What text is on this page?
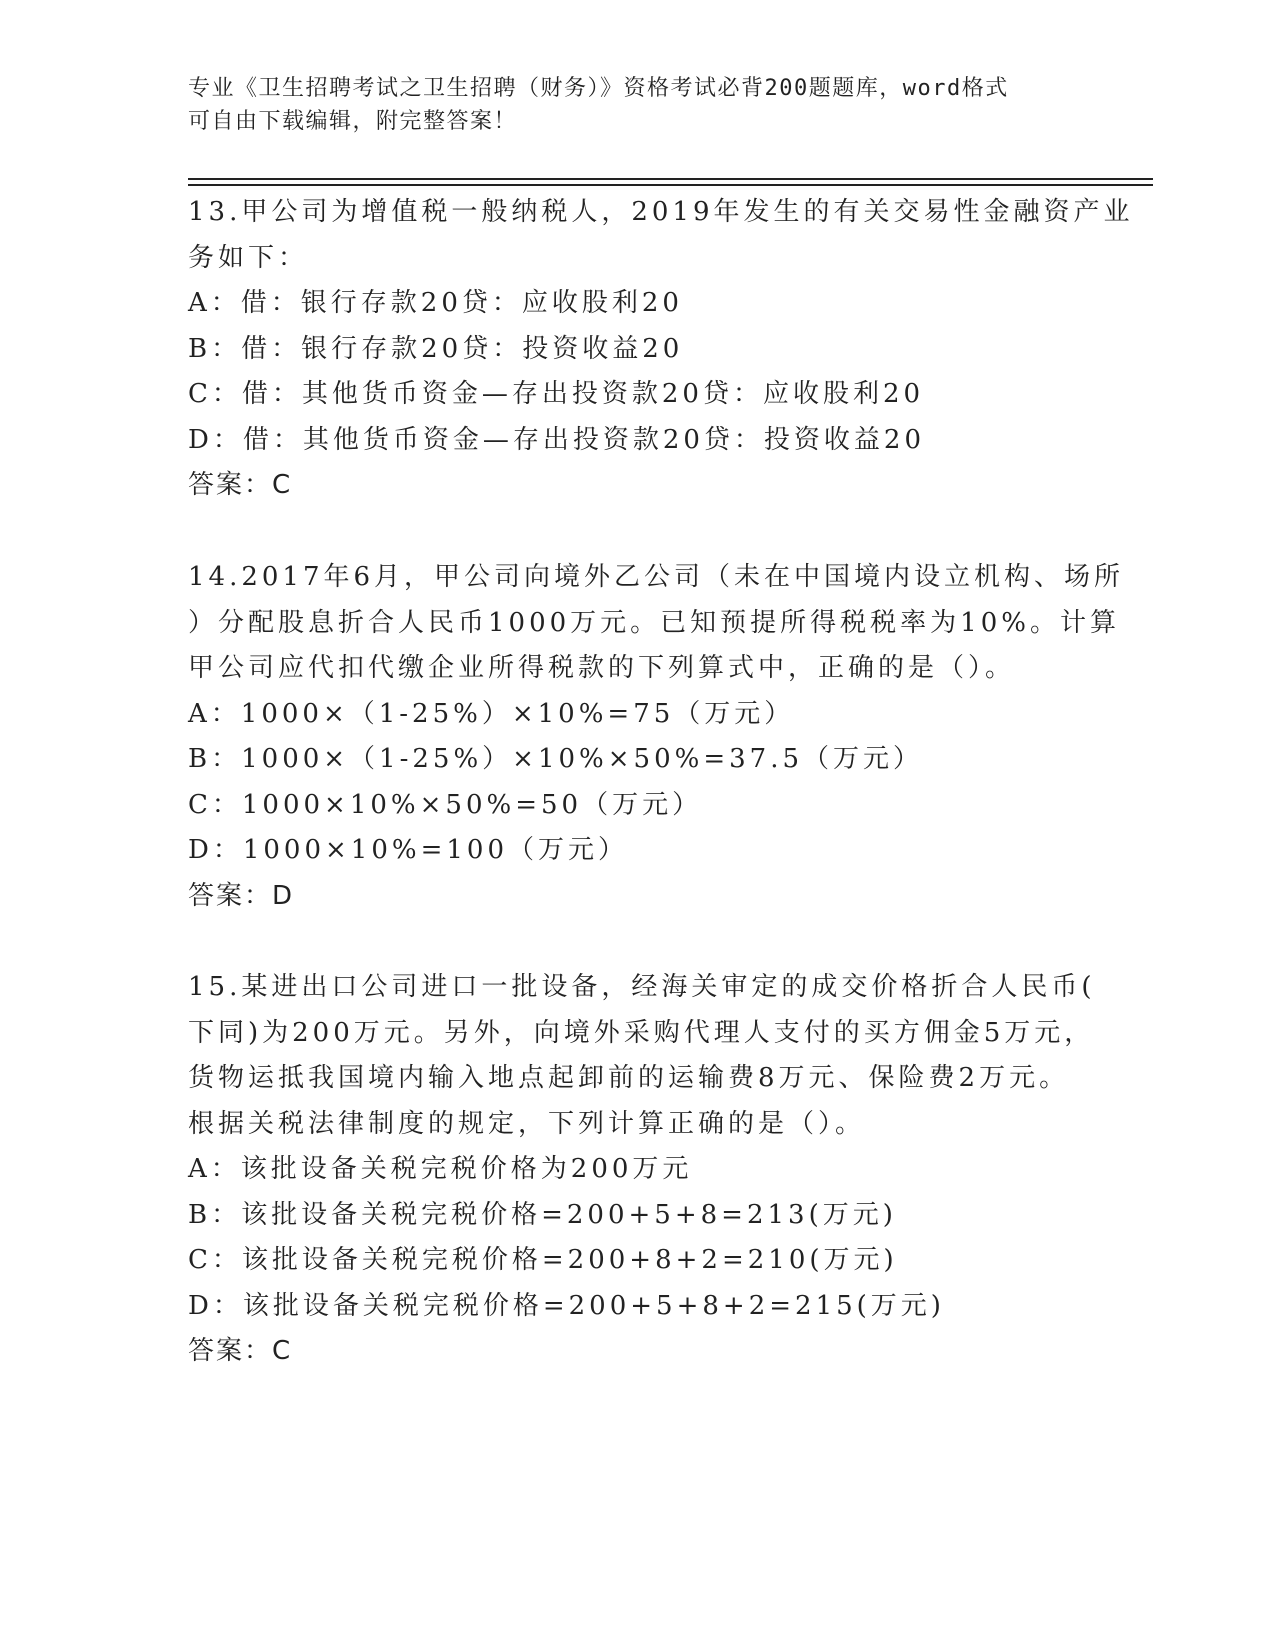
专业《卫生招聘考试之卫生招聘（财务）》资格考试必背200题题库，word格式
可自由下载编辑，附完整答案！
13.甲公司为增值税一般纳税人，2019年发生的有关交易性金融资产业
务如下：
A：借：银行存款20贷：应收股利20
B：借：银行存款20贷：投资收益20
C：借：其他货币资金—存出投资款20贷：应收股利20
D：借：其他货币资金—存出投资款20贷：投资收益20
答案：C
14.2017年6月，甲公司向境外乙公司（未在中国境内设立机构、场所
）分配股息折合人民币1000万元。已知预提所得税税率为10%。计算
甲公司应代扣代缴企业所得税款的下列算式中，正确的是（）。
A：1000×（1-25%）×10%=75（万元）
B：1000×（1-25%）×10%×50%=37.5（万元）
C：1000×10%×50%=50（万元）
D：1000×10%=100（万元）
答案：D
15.某进出口公司进口一批设备，经海关审定的成交价格折合人民币(
下同)为200万元。另外，向境外采购代理人支付的买方佣金5万元，
货物运抵我国境内输入地点起卸前的运输费8万元、保险费2万元。
根据关税法律制度的规定，下列计算正确的是（）。
A：该批设备关税完税价格为200万元
B：该批设备关税完税价格=200+5+8=213(万元)
C：该批设备关税完税价格=200+8+2=210(万元)
D：该批设备关税完税价格=200+5+8+2=215(万元)
答案：C
